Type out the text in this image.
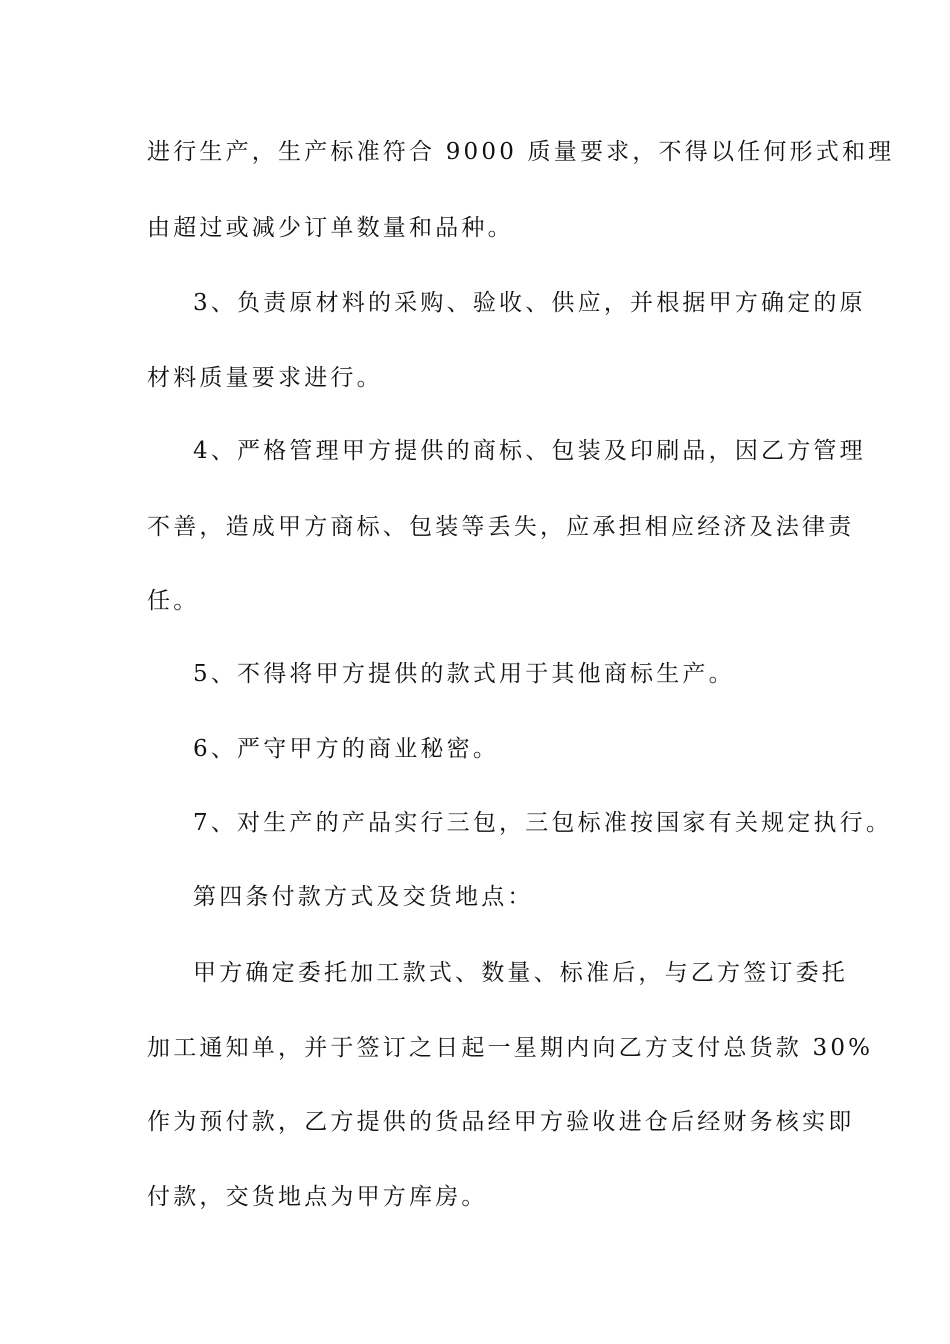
进行生产，生产标准符合 9000 质量要求，不得以任何形式和理
由超过或减少订单数量和品种。
3、负责原材料的采购、验收、供应，并根据甲方确定的原
材料质量要求进行。
4、严格管理甲方提供的商标、包装及印刷品，因乙方管理
不善，造成甲方商标、包装等丢失，应承担相应经济及法律责
任。
5、不得将甲方提供的款式用于其他商标生产。
6、严守甲方的商业秘密。
7、对生产的产品实行三包，三包标准按国家有关规定执行。
第四条付款方式及交货地点：
甲方确定委托加工款式、数量、标准后，与乙方签订委托
加工通知单，并于签订之日起一星期内向乙方支付总货款 30%
作为预付款，乙方提供的货品经甲方验收进仓后经财务核实即
付款，交货地点为甲方库房。
